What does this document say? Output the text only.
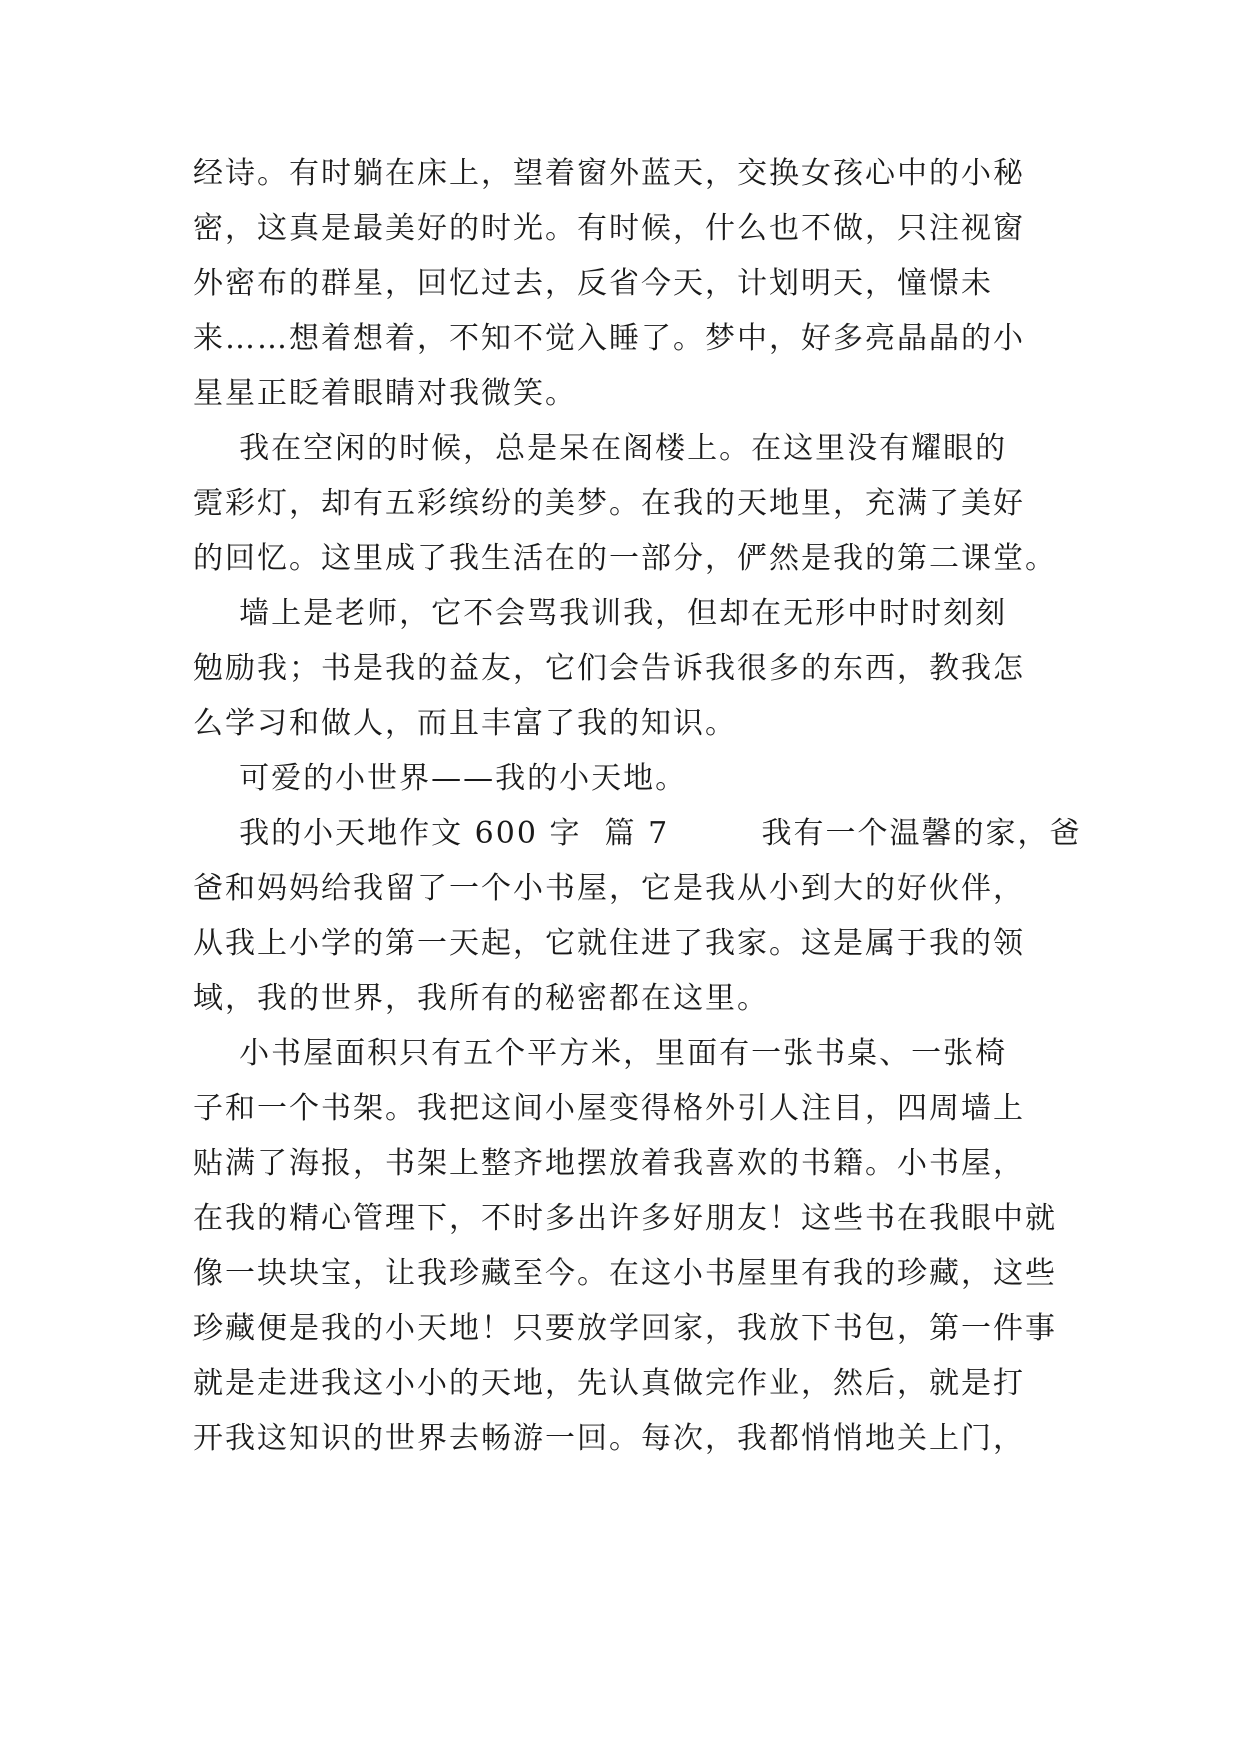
经诗。有时躺在床上，望着窗外蓝天，交换女孩心中的小秘
密，这真是最美好的时光。有时候，什么也不做，只注视窗
外密布的群星，回忆过去，反省今天，计划明天，憧憬未
来……想着想着，不知不觉入睡了。梦中，好多亮晶晶的小
星星正眨着眼睛对我微笑。
我在空闲的时候，总是呆在阁楼上。在这里没有耀眼的
霓彩灯，却有五彩缤纷的美梦。在我的天地里，充满了美好
的回忆。这里成了我生活在的一部分，俨然是我的第二课堂。
墙上是老师，它不会骂我训我，但却在无形中时时刻刻
勉励我；书是我的益友，它们会告诉我很多的东西，教我怎
么学习和做人，而且丰富了我的知识。
可爱的小世界——我的小天地。
我的小天地作文 600 字  篇 7        我有一个温馨的家，爸
爸和妈妈给我留了一个小书屋，它是我从小到大的好伙伴，
从我上小学的第一天起，它就住进了我家。这是属于我的领
域，我的世界，我所有的秘密都在这里。
小书屋面积只有五个平方米，里面有一张书桌、一张椅
子和一个书架。我把这间小屋变得格外引人注目，四周墙上
贴满了海报，书架上整齐地摆放着我喜欢的书籍。小书屋，
在我的精心管理下，不时多出许多好朋友！这些书在我眼中就
像一块块宝，让我珍藏至今。在这小书屋里有我的珍藏，这些
珍藏便是我的小天地！只要放学回家，我放下书包，第一件事
就是走进我这小小的天地，先认真做完作业，然后，就是打
开我这知识的世界去畅游一回。每次，我都悄悄地关上门，
